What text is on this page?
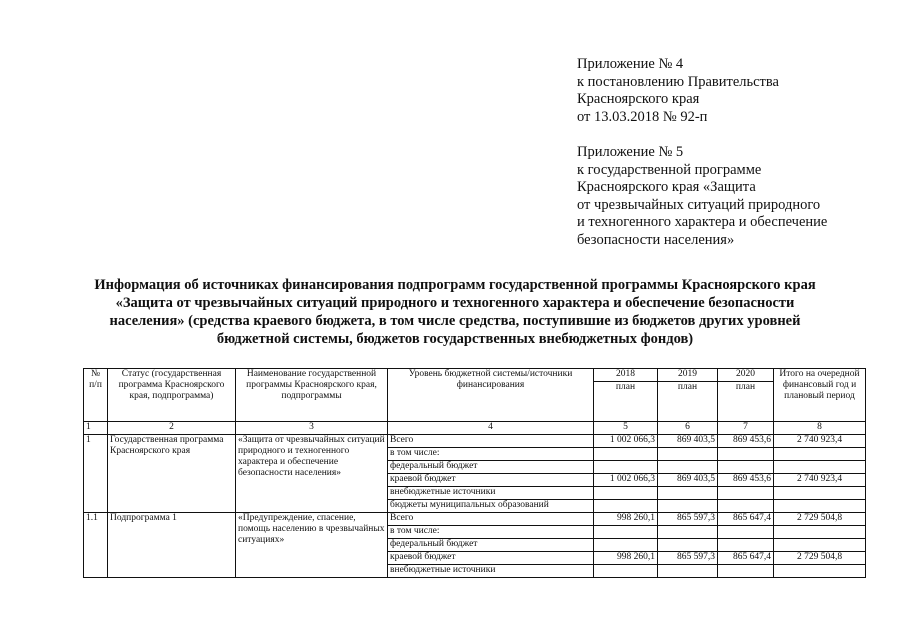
Приложение № 4
к постановлению Правительства
Красноярского края
от 13.03.2018 № 92-п
Приложение № 5
к государственной программе
Красноярского края «Защита
от чрезвычайных ситуаций природного
и техногенного характера и обеспечение
безопасности населения»
Информация об источниках финансирования подпрограмм государственной программы Красноярского края
«Защита от чрезвычайных ситуаций природного и техногенного характера и обеспечение безопасности
населения» (средства краевого бюджета, в том числе средства, поступившие из бюджетов других уровней
бюджетной системы, бюджетов государственных внебюджетных фондов)
№ п/п	Статус (государственная программа Красноярского края, подпрограмма)	Наименование государственной программы Красноярского края, подпрограммы	Уровень бюджетной системы/источники финансирования	2018	2019	2020	Итого на очередной финансовый год и плановый период
				план	план	план	
1	2	3	4	5	6	7	8
1	Государственная программа Красноярского края	«Защита от чрезвычайных ситуаций природного и техногенного характера и обеспечение безопасности населения»	Всего	1 002 066,3	869 403,5	869 453,6	2 740 923,4
			в том числе:				
			федеральный бюджет				
			краевой бюджет	1 002 066,3	869 403,5	869 453,6	2 740 923,4
			внебюджетные источники				
			бюджеты муниципальных образований				
1.1	Подпрограмма 1	«Предупреждение, спасение, помощь населению в чрезвычайных ситуациях»	Всего	998 260,1	865 597,3	865 647,4	2 729 504,8
			в том числе:				
			федеральный бюджет				
			краевой бюджет	998 260,1	865 597,3	865 647,4	2 729 504,8
			внебюджетные источники				
